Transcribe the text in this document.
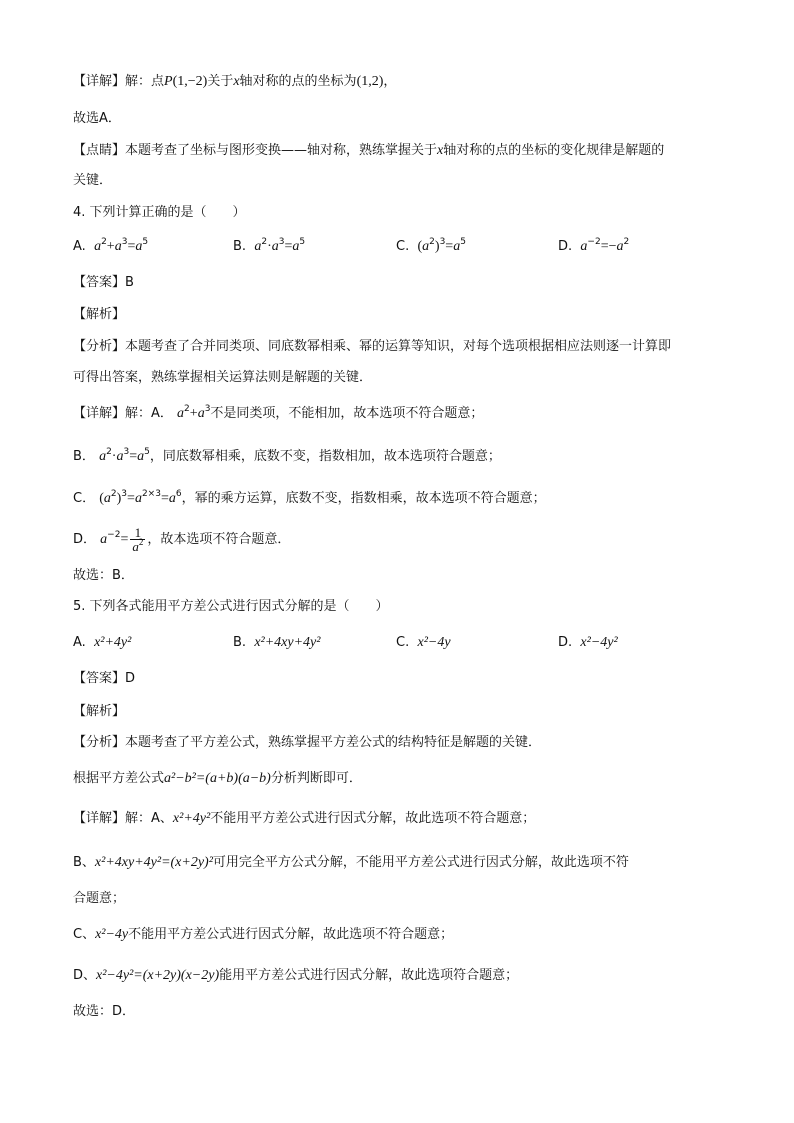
【详解】解：点P(1,−2)关于x轴对称的点的坐标为(1,2)，
故选A．
【点睛】本题考查了坐标与图形变换——轴对称，熟练掌握关于x轴对称的点的坐标的变化规律是解题的
关键．
4. 下列计算正确的是（　　）
A. $a^2+a^3=a^5$	B. $a^2\cdot a^3=a^5$	C. $(a^2)^3=a^5$	D. $a^{-2}=-a^2$
【答案】B
【解析】
【分析】本题考查了合并同类项、同底数幂相乘、幂的运算等知识，对每个选项根据相应法则逐一计算即
可得出答案，熟练掌握相关运算法则是解题的关键．
【详解】解：A． $a^2+a^3$不是同类项，不能相加，故本选项不符合题意；
B． $a^2\cdot a^3=a^5$，同底数幂相乘，底数不变，指数相加，故本选项符合题意；
C． $(a^2)^3=a^{2\times 3}=a^6$，幂的乘方运算，底数不变，指数相乘，故本选项不符合题意；
D． $a^{-2}= \frac{1}{a^2}$ ，故本选项不符合题意．
故选：B．
5. 下列各式能用平方差公式进行因式分解的是（　　）
A. x²+4y²	B. x²+4xy+4y²	C. x²−4y	D. x²−4y²
【答案】D
【解析】
【分析】本题考查了平方差公式，熟练掌握平方差公式的结构特征是解题的关键．
根据平方差公式a²−b²=(a+b)(a−b)分析判断即可．
【详解】解：A、x²+4y²不能用平方差公式进行因式分解，故此选项不符合题意；
B、x²+4xy+4y²=(x+2y)²可用完全平方公式分解，不能用平方差公式进行因式分解，故此选项不符
合题意；
C、x²−4y不能用平方差公式进行因式分解，故此选项不符合题意；
D、x²−4y²=(x+2y)(x−2y)能用平方差公式进行因式分解，故此选项符合题意；
故选：D．
